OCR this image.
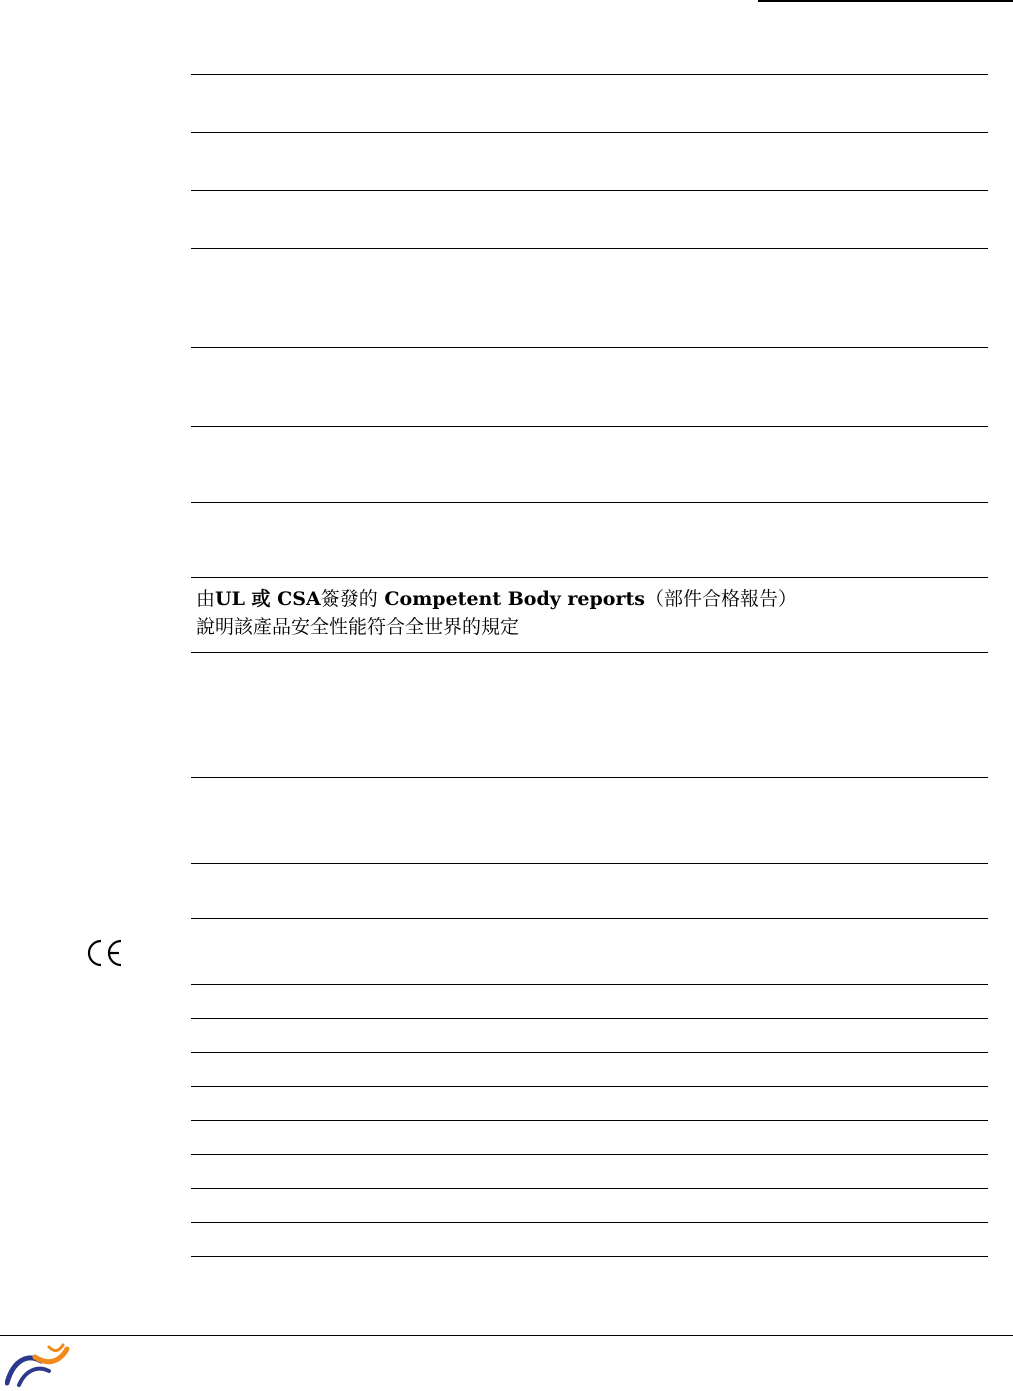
由UL 或 CSA簽發的 Competent Body reports（部件合格報告）
說明該產品安全性能符合全世界的規定
